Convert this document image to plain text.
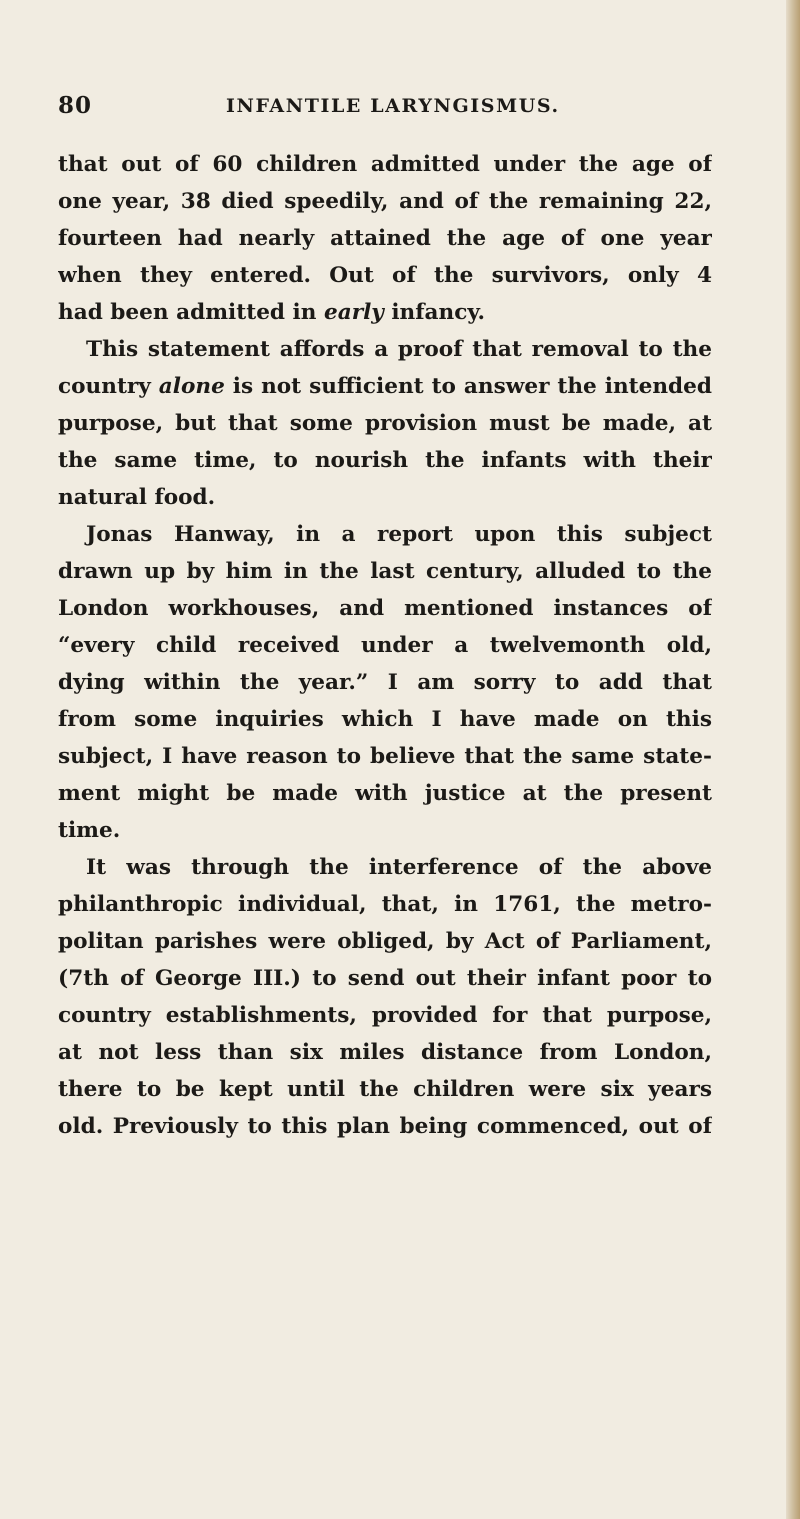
80	INFANTILE LARYNGISMUS.
that out of 60 children admitted under the age of
one year, 38 died speedily, and of the remaining 22,
fourteen had nearly attained the age of one year
when they entered. Out of the survivors, only 4
had been admitted in early infancy.
This statement affords a proof that removal to the
country alone is not sufficient to answer the intended
purpose, but that some provision must be made, at
the same time, to nourish the infants with their
natural food.
Jonas Hanway, in a report upon this subject
drawn up by him in the last century, alluded to the
London workhouses, and mentioned instances of
“every child received under a twelvemonth old,
dying within the year.” I am sorry to add that
from some inquiries which I have made on this
subject, I have reason to believe that the same state-
ment might be made with justice at the present
time.
It was through the interference of the above
philanthropic individual, that, in 1761, the metro-
politan parishes were obliged, by Act of Parliament,
(7th of George III.) to send out their infant poor to
country establishments, provided for that purpose,
at not less than six miles distance from London,
there to be kept until the children were six years
old. Previously to this plan being commenced, out of
